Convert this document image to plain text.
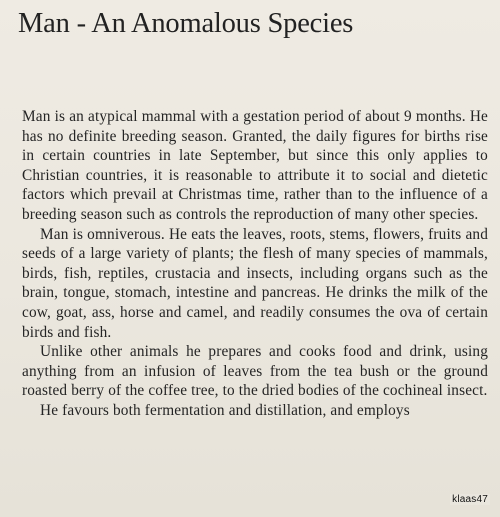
Man - An Anomalous Species

Man is an atypical mammal with a gestation period of about 9 months. He has no definite breeding season. Granted, the daily figures for births rise in certain countries in late September, but since this only applies to Christian countries, it is reasonable to attribute it to social and dietetic factors which prevail at Christmas time, rather than to the influence of a breeding season such as controls the reproduction of many other species.

Man is omniverous. He eats the leaves, roots, stems, flowers, fruits and seeds of a large variety of plants; the flesh of many species of mammals, birds, fish, reptiles, crustacia and insects, including organs such as the brain, tongue, stomach, intestine and pancreas. He drinks the milk of the cow, goat, ass, horse and camel, and readily consumes the ova of certain birds and fish.

Unlike other animals he prepares and cooks food and drink, using anything from an infusion of leaves from the tea bush or the ground roasted berry of the coffee tree, to the dried bodies of the cochineal insect.

He favours both fermentation and distillation, and employs

klaas47
